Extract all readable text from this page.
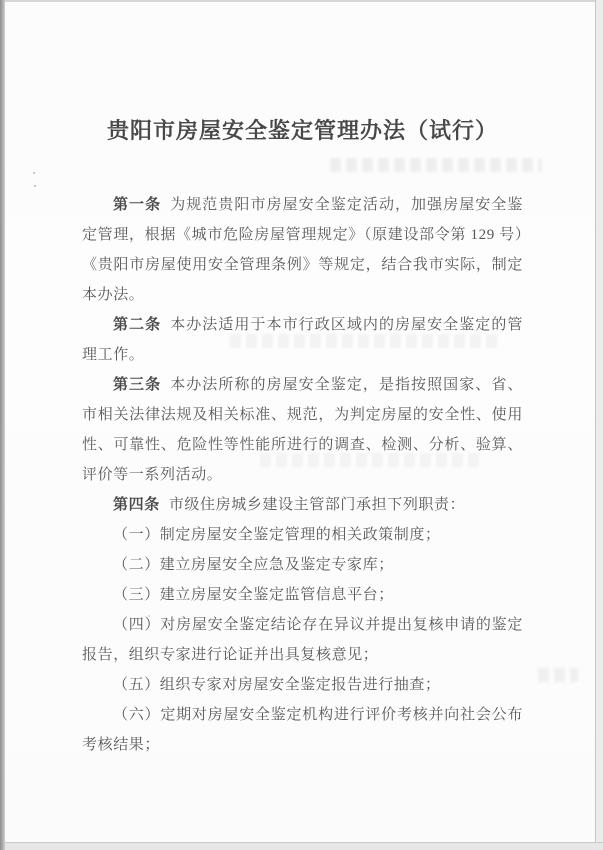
贵阳市房屋安全鉴定管理办法（试行）

第一条 为规范贵阳市房屋安全鉴定活动，加强房屋安全鉴定管理，根据《城市危险房屋管理规定》（原建设部令第 129 号）《贵阳市房屋使用安全管理条例》等规定，结合我市实际，制定本办法。

第二条 本办法适用于本市行政区域内的房屋安全鉴定的管理工作。

第三条 本办法所称的房屋安全鉴定，是指按照国家、省、市相关法律法规及相关标准、规范，为判定房屋的安全性、使用性、可靠性、危险性等性能所进行的调查、检测、分析、验算、评价等一系列活动。

第四条 市级住房城乡建设主管部门承担下列职责：

（一）制定房屋安全鉴定管理的相关政策制度；

（二）建立房屋安全应急及鉴定专家库；

（三）建立房屋安全鉴定监管信息平台；

（四）对房屋安全鉴定结论存在异议并提出复核申请的鉴定报告，组织专家进行论证并出具复核意见；

（五）组织专家对房屋安全鉴定报告进行抽查；

（六）定期对房屋安全鉴定机构进行评价考核并向社会公布考核结果；
